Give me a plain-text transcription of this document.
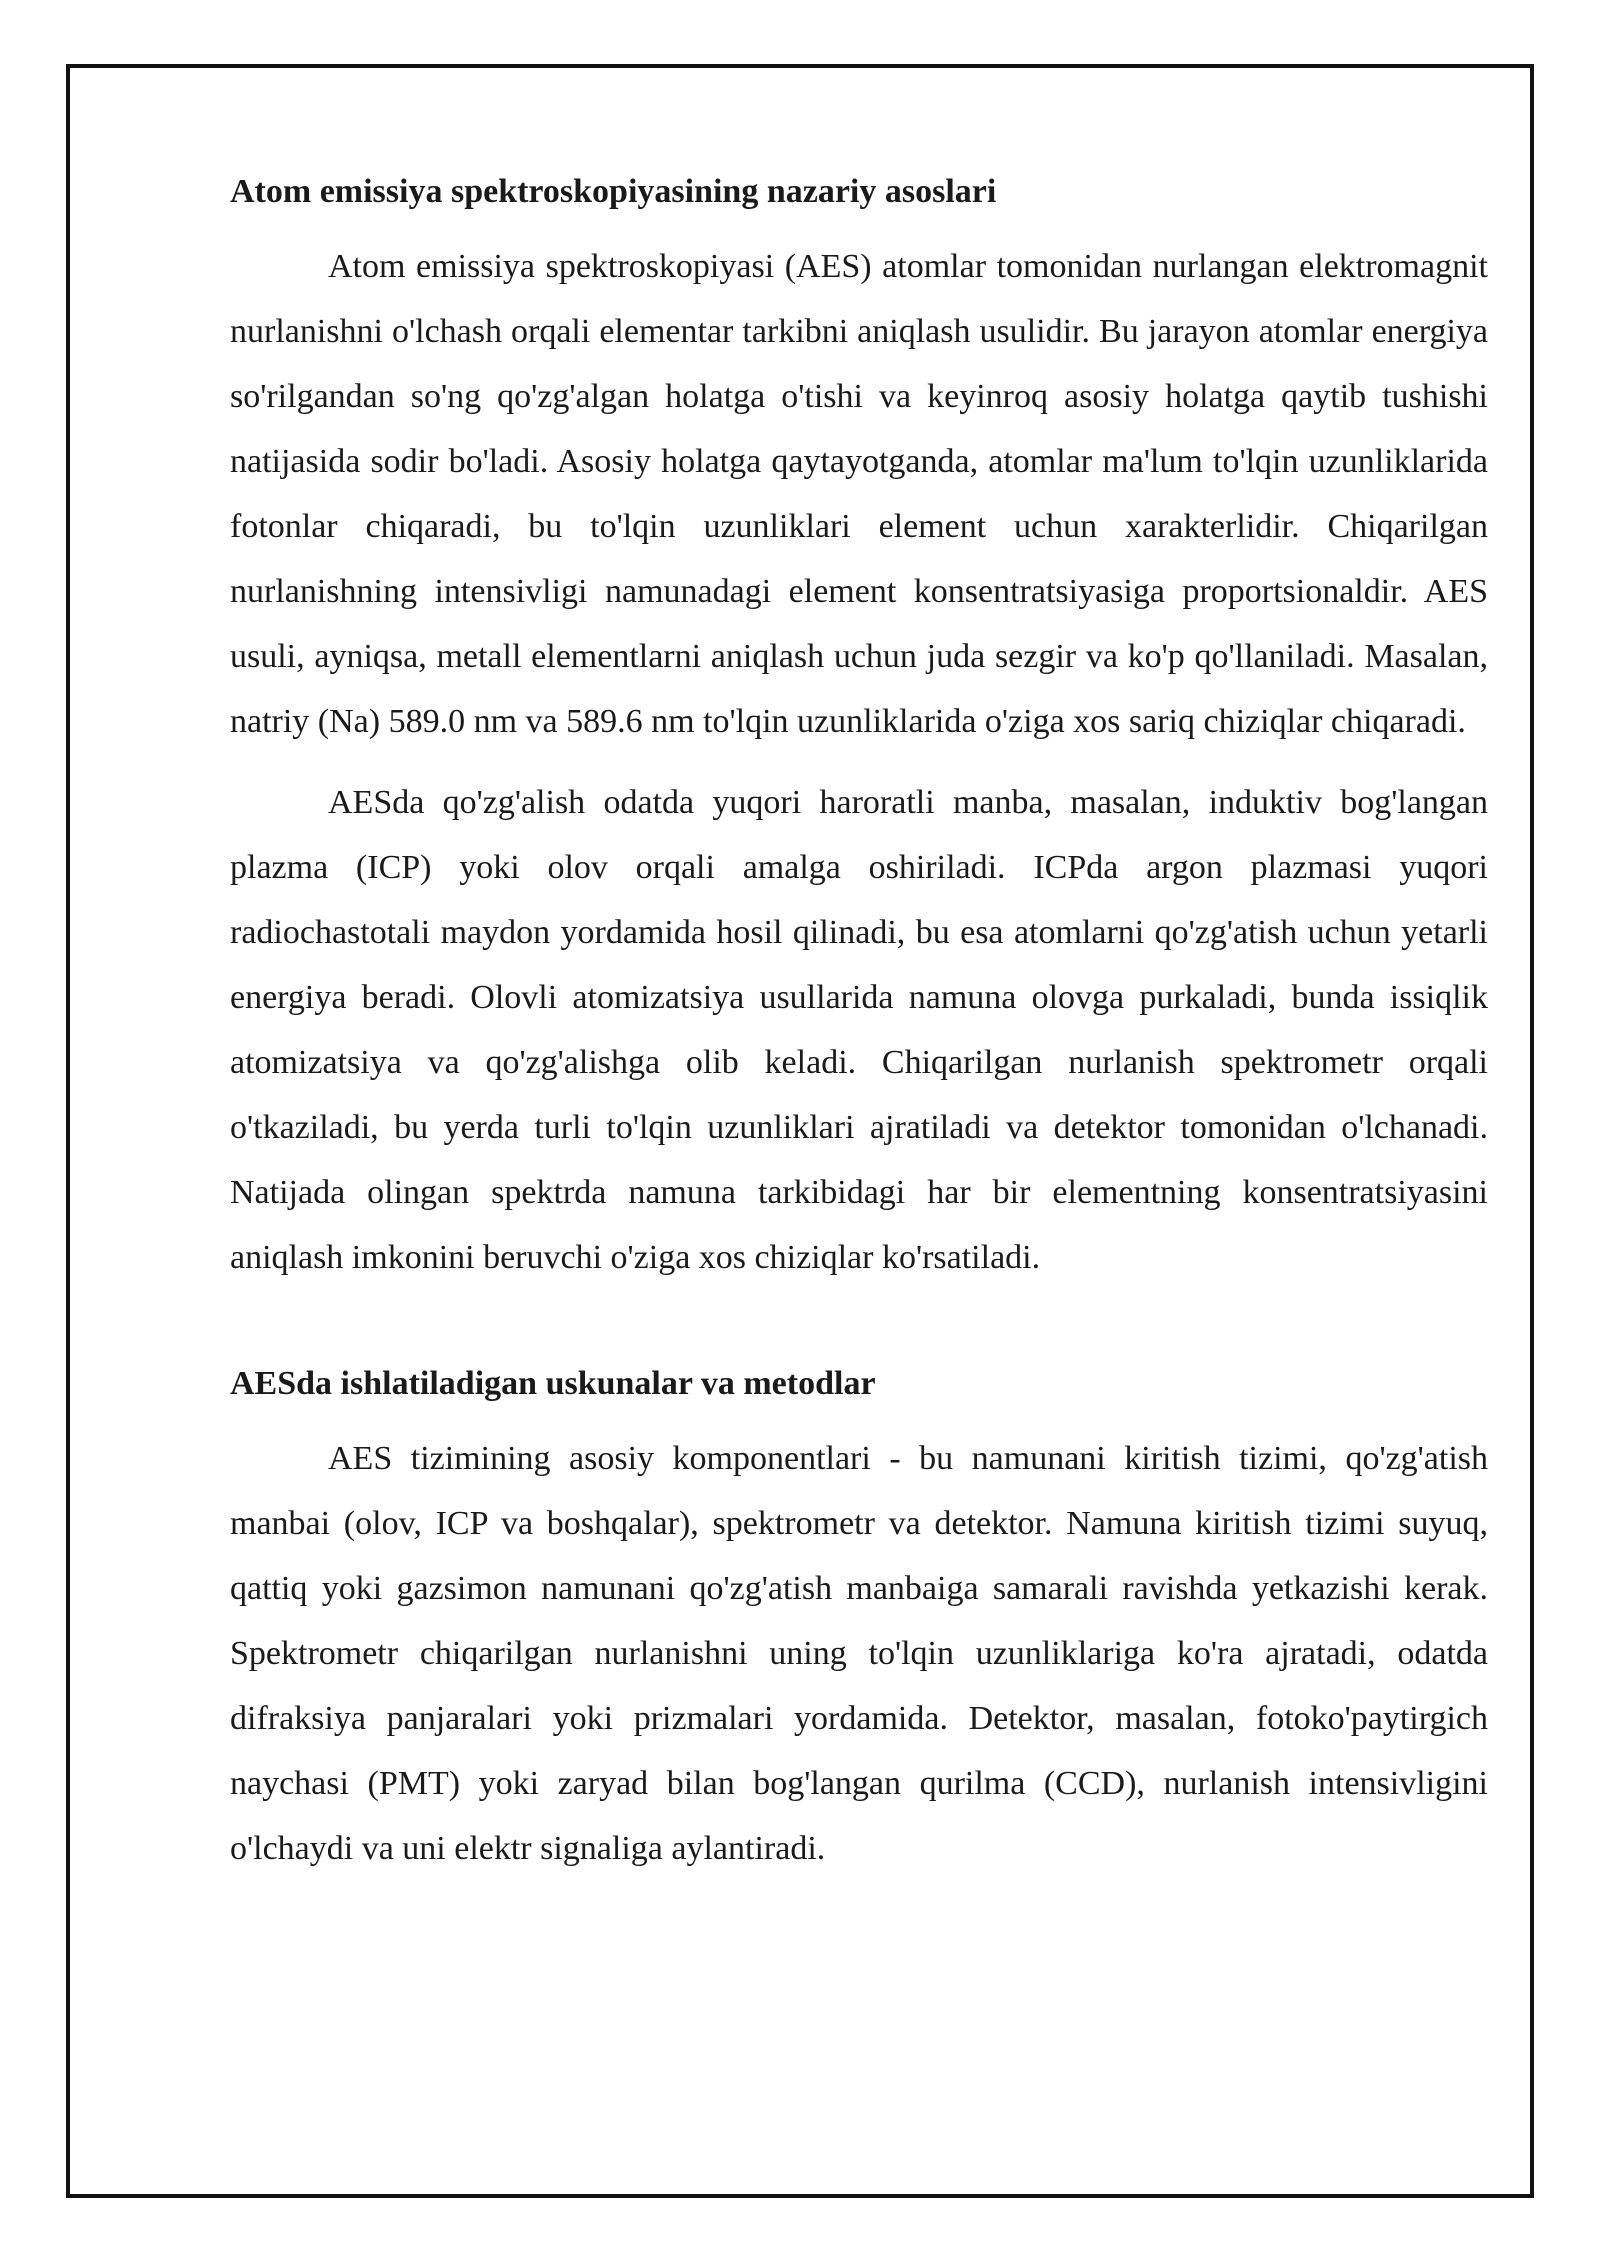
Atom emissiya spektroskopiyasining nazariy asoslari

Atom emissiya spektroskopiyasi (AES) atomlar tomonidan nurlangan elektromagnit nurlanishni o'lchash orqali elementar tarkibni aniqlash usulidir. Bu jarayon atomlar energiya so'rilgandan so'ng qo'zg'algan holatga o'tishi va keyinroq asosiy holatga qaytib tushishi natijasida sodir bo'ladi. Asosiy holatga qaytayotganda, atomlar ma'lum to'lqin uzunliklarida fotonlar chiqaradi, bu to'lqin uzunliklari element uchun xarakterlidir. Chiqarilgan nurlanishning intensivligi namunadagi element konsentratsiyasiga proportsionaldir. AES usuli, ayniqsa, metall elementlarni aniqlash uchun juda sezgir va ko'p qo'llaniladi. Masalan, natriy (Na) 589.0 nm va 589.6 nm to'lqin uzunliklarida o'ziga xos sariq chiziqlar chiqaradi.

AESda qo'zg'alish odatda yuqori haroratli manba, masalan, induktiv bog'langan plazma (ICP) yoki olov orqali amalga oshiriladi. ICPda argon plazmasi yuqori radiochastotali maydon yordamida hosil qilinadi, bu esa atomlarni qo'zg'atish uchun yetarli energiya beradi. Olovli atomizatsiya usullarida namuna olovga purkaladi, bunda issiqlik atomizatsiya va qo'zg'alishga olib keladi. Chiqarilgan nurlanish spektrometr orqali o'tkaziladi, bu yerda turli to'lqin uzunliklari ajratiladi va detektor tomonidan o'lchanadi. Natijada olingan spektrda namuna tarkibidagi har bir elementning konsentratsiyasini aniqlash imkonini beruvchi o'ziga xos chiziqlar ko'rsatiladi.

AESda ishlatiladigan uskunalar va metodlar

AES tizimining asosiy komponentlari - bu namunani kiritish tizimi, qo'zg'atish manbai (olov, ICP va boshqalar), spektrometr va detektor. Namuna kiritish tizimi suyuq, qattiq yoki gazsimon namunani qo'zg'atish manbaiga samarali ravishda yetkazishi kerak. Spektrometr chiqarilgan nurlanishni uning to'lqin uzunliklariga ko'ra ajratadi, odatda difraksiya panjaralari yoki prizmalari yordamida. Detektor, masalan, fotoko'paytirgich naychasi (PMT) yoki zaryad bilan bog'langan qurilma (CCD), nurlanish intensivligini o'lchaydi va uni elektr signaliga aylantiradi.
